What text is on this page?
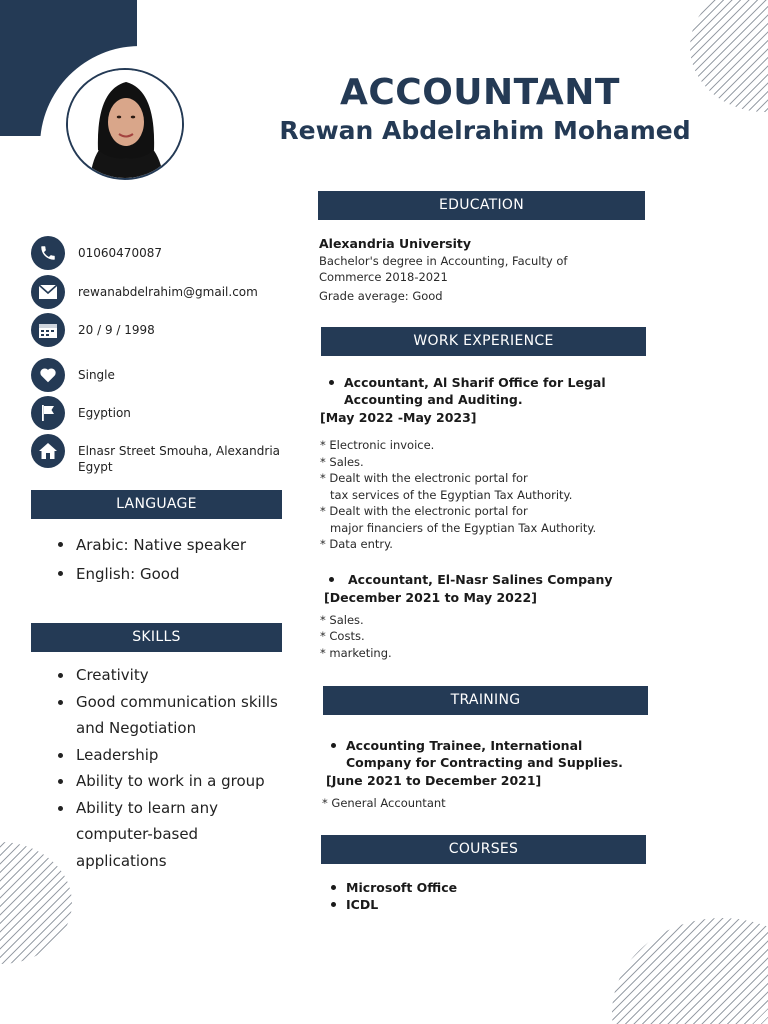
ACCOUNTANT
Rewan Abdelrahim Mohamed
01060470087
rewanabdelrahim@gmail.com
20 / 9 / 1998
Single
Egyption
Elnasr Street Smouha, Alexandria Egypt
LANGUAGE
Arabic: Native speaker
English: Good
SKILLS
Creativity
Good communication skills and Negotiation
Leadership
Ability to work in a group
Ability to learn any computer-based applications
EDUCATION
Alexandria University
Bachelor's degree in Accounting, Faculty of Commerce 2018-2021
Grade average: Good
WORK EXPERIENCE
Accountant, Al Sharif Office for Legal Accounting and Auditing.
[May 2022 -May 2023]
* Electronic invoice.
* Sales.
* Dealt with the electronic portal for
tax services of the Egyptian Tax Authority.
* Dealt with the electronic portal for
major financiers of the Egyptian Tax Authority.
* Data entry.
Accountant, El-Nasr Salines Company
[December 2021 to May 2022]
* Sales.
* Costs.
* marketing.
TRAINING
Accounting Trainee, International Company for Contracting and Supplies.
[June 2021 to December 2021]
* General Accountant
COURSES
Microsoft Office
ICDL
